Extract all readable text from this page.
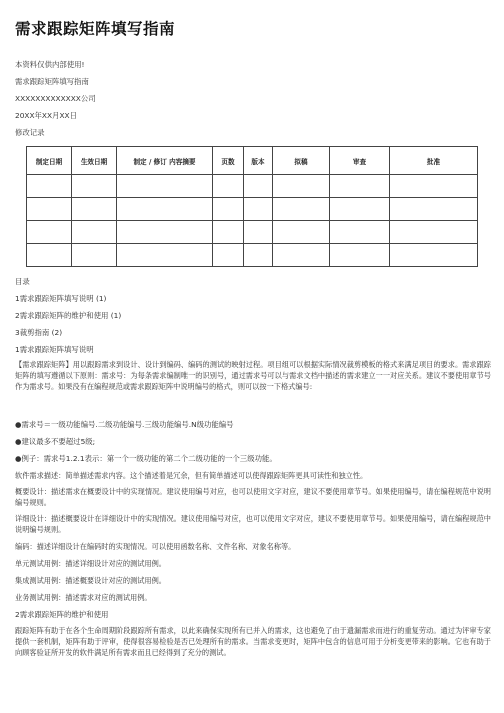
需求跟踪矩阵填写指南
本资料仅供内部使用!
需求跟踪矩阵填写指南
XXXXXXXXXXXXX公司
20XX年XX月XX日
修改记录
制定日期	生效日期	制定 / 修订 内容摘要	页数	版本	拟稿	审查	批准

目录
1需求跟踪矩阵填写说明 (1)
2需求跟踪矩阵的维护和使用 (1)
3裁剪指南 (2)
1需求跟踪矩阵填写说明
【需求跟踪矩阵】用以跟踪需求到设计、设计到编码、编码的测试的映射过程。项目组可以根据实际情况裁剪模板的格式来满足项目的要求。需求跟踪矩阵的填写遵循以下原则：需求号：为每条需求编制唯一的识别号，通过需求号可以与需求文档中描述的需求建立一一对应关系。建议不要使用章节号作为需求号。如果没有在编程规范或需求跟踪矩阵中说明编号的格式，则可以按一下格式编号:
●需求号＝一级功能编号.二级功能编号.三级功能编号.N级功能编号
●建议最多不要超过5级;
●例子：需求号1.2.1表示：第一个一级功能的第二个二级功能的一个三级功能。
软件需求描述：简单描述需求内容。这个描述着是冗余，但有简单描述可以使得跟踪矩阵更具可读性和独立性。
概要设计：描述需求在概要设计中的实现情况。建议使用编号对应，也可以使用文字对应，建议不要使用章节号。如果使用编号，请在编程规范中说明编号规则。
详细设计：描述概要设计在详细设计中的实现情况。建议使用编号对应，也可以使用文字对应，建议不要使用章节号。如果使用编号，请在编程规范中说明编号规则。
编码：描述详细设计在编码时的实现情况。可以使用函数名称、文件名称、对象名称等。
单元测试用例：描述详细设计对应的测试用例。
集成测试用例：描述概要设计对应的测试用例。
业务测试用例：描述需求对应的测试用例。
2需求跟踪矩阵的维护和使用
跟踪矩阵有助于在各个生命周期阶段跟踪所有需求，以此来确保实现所有已并入的需求，这也避免了由于遗漏需求而进行的重复劳动。通过为评审专家提供一套机制，矩阵有助于评审，使得很容易检验是否已处理所有的需求。当需求变更时，矩阵中包含的信息可用于分析变更带来的影响。它也有助于向顾客验证所开发的软件满足所有需求而且已经得到了充分的测试。
